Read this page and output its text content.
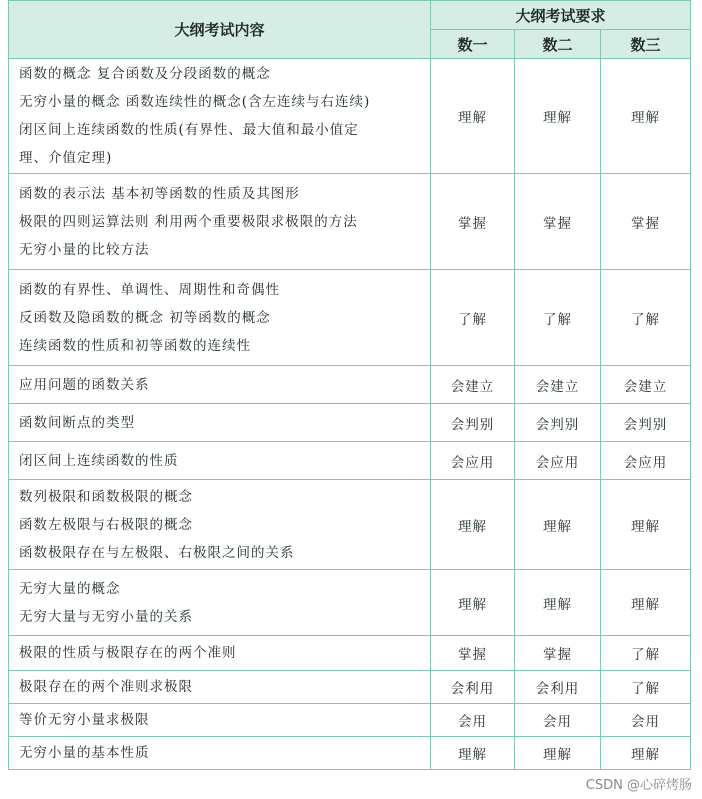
大纲考试内容	大纲考试要求		
	数一	数二	数三

函数的概念 复合函数及分段函数的概念
无穷小量的概念 函数连续性的概念(含左连续与右连续)
闭区间上连续函数的性质(有界性、最大值和最小值定
理、介值定理)	理解	理解	理解

函数的表示法 基本初等函数的性质及其图形
极限的四则运算法则 利用两个重要极限求极限的方法
无穷小量的比较方法	掌握	掌握	掌握

函数的有界性、单调性、周期性和奇偶性
反函数及隐函数的概念 初等函数的概念
连续函数的性质和初等函数的连续性	了解	了解	了解

应用问题的函数关系	会建立	会建立	会建立

函数间断点的类型	会判别	会判别	会判别

闭区间上连续函数的性质	会应用	会应用	会应用

数列极限和函数极限的概念
函数左极限与右极限的概念
函数极限存在与左极限、右极限之间的关系	理解	理解	理解

无穷大量的概念
无穷大量与无穷小量的关系	理解	理解	理解

极限的性质与极限存在的两个准则	掌握	掌握	了解

极限存在的两个准则求极限	会利用	会利用	了解

等价无穷小量求极限	会用	会用	会用

无穷小量的基本性质	理解	理解	理解
CSDN @心碎烤肠
